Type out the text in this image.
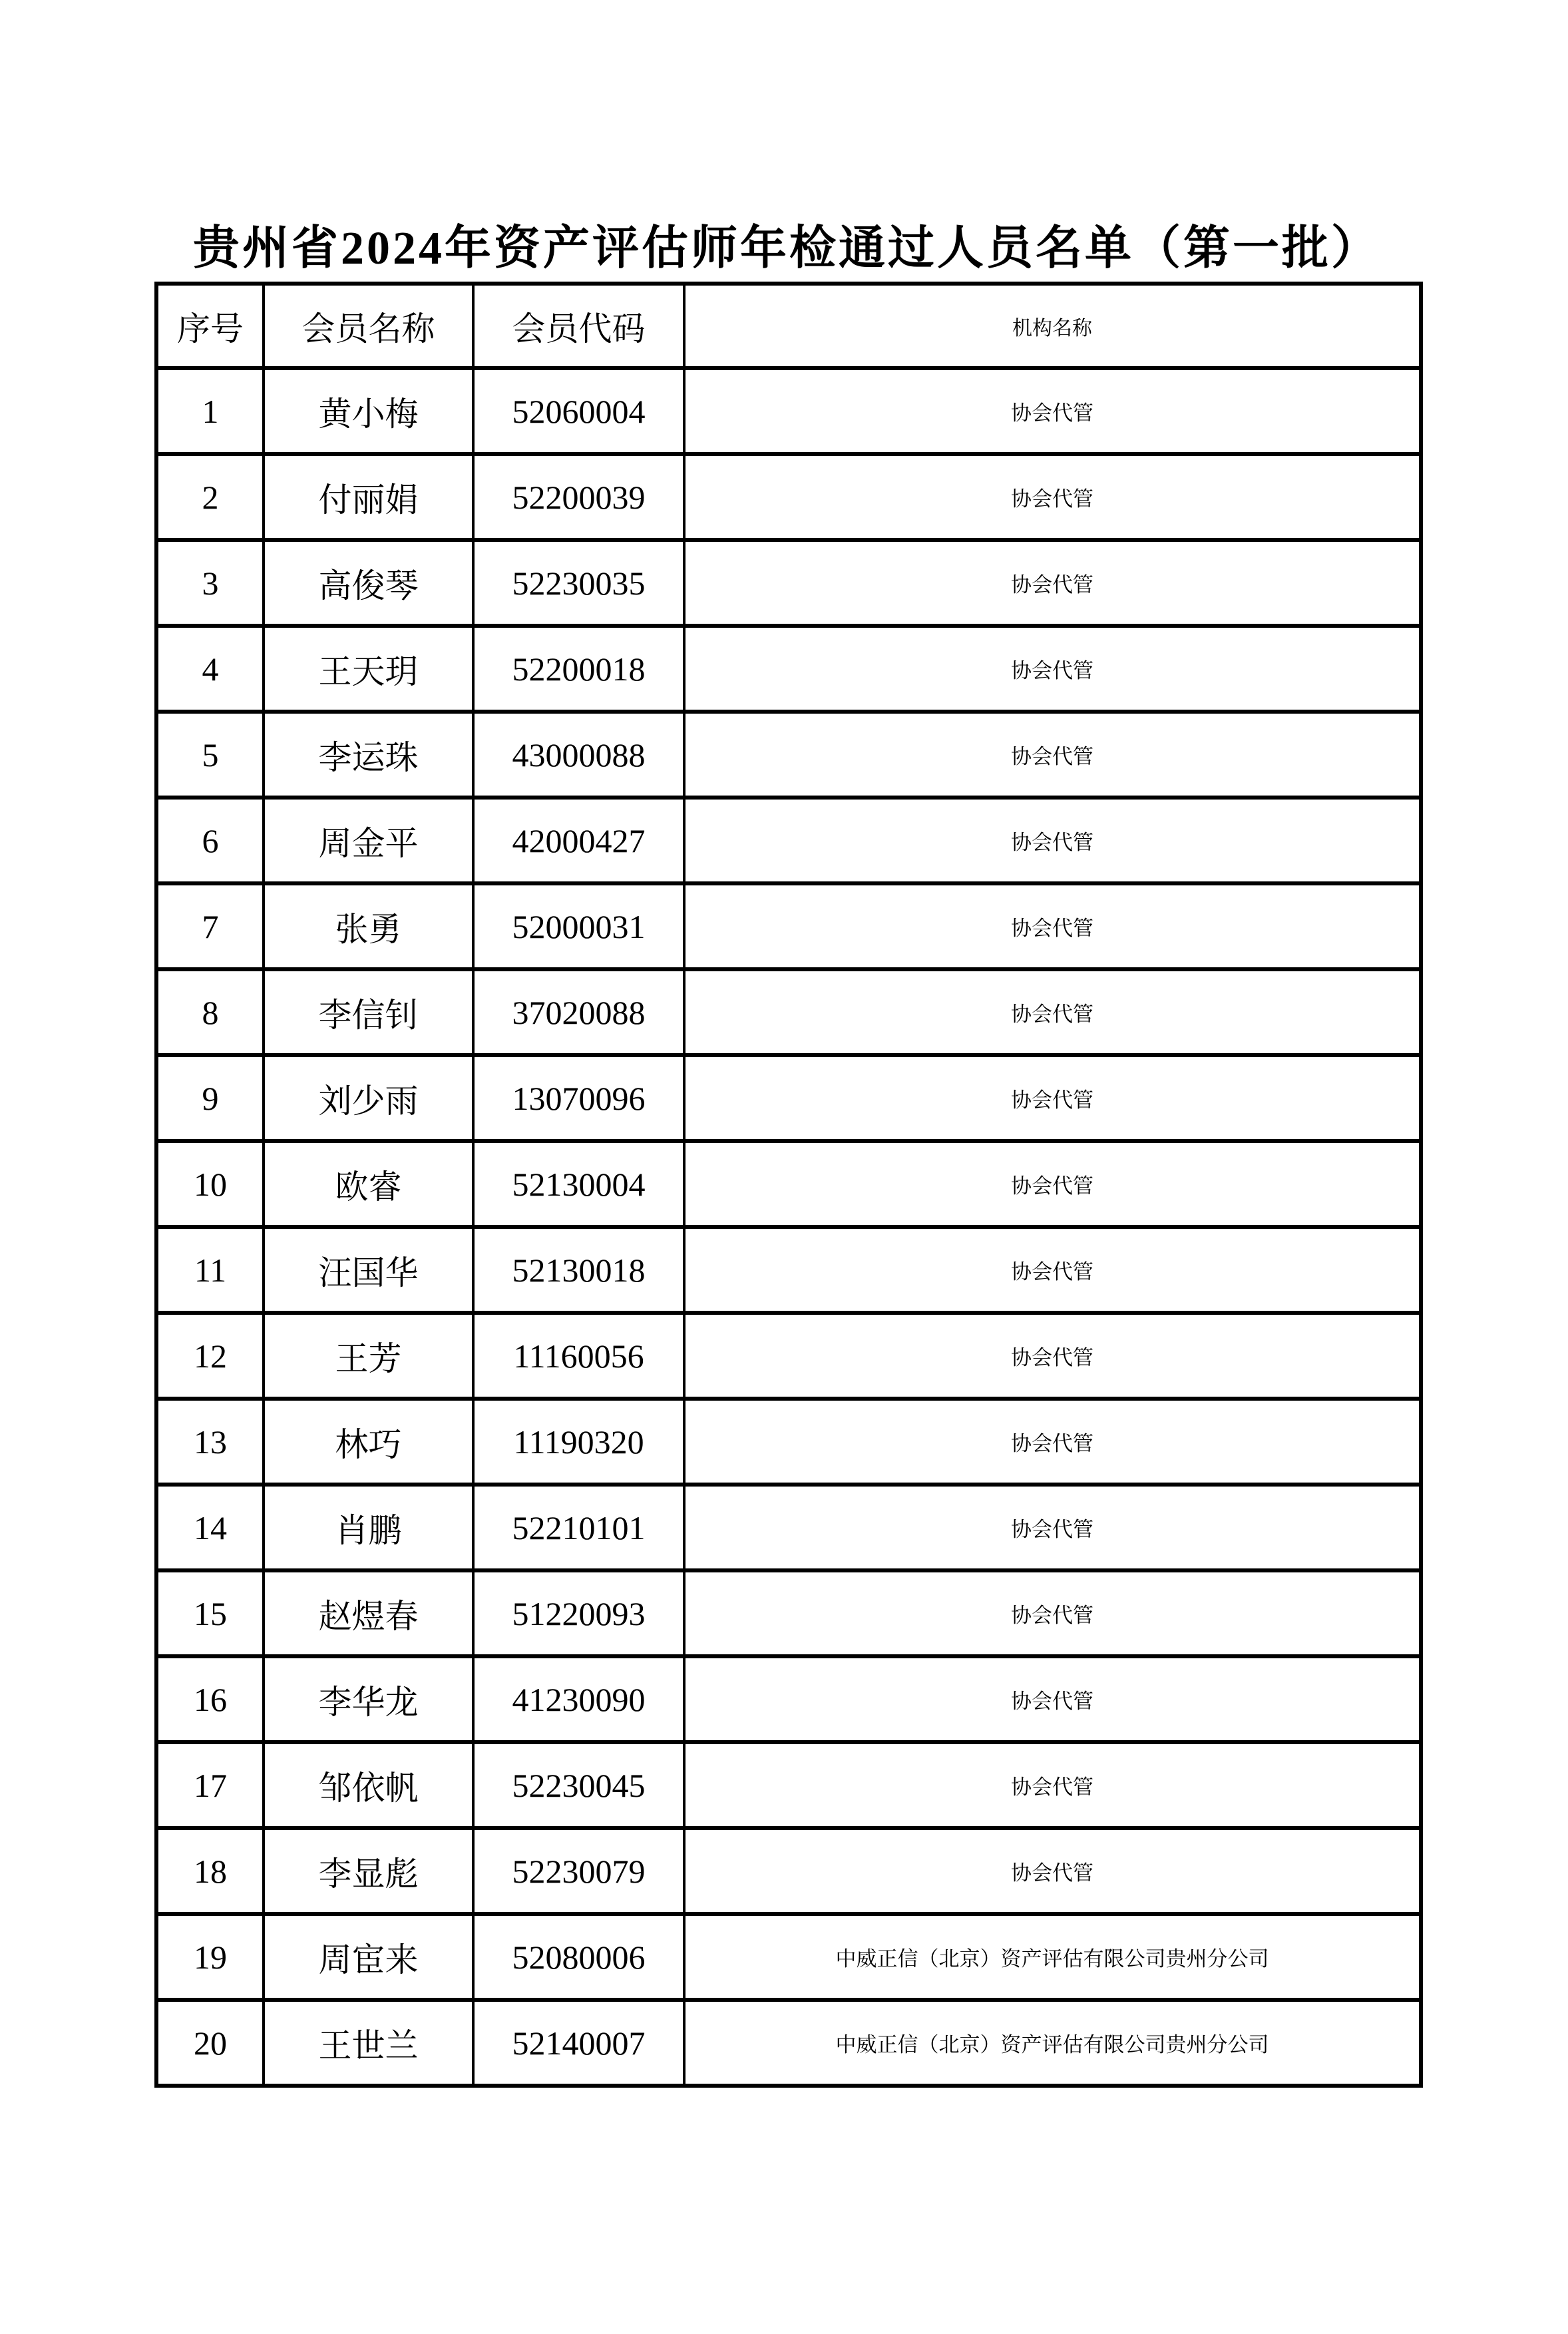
贵州省2024年资产评估师年检通过人员名单（第一批）
序号	会员名称	会员代码	机构名称
1	黄小梅	52060004	协会代管
2	付丽娟	52200039	协会代管
3	高俊琴	52230035	协会代管
4	王天玥	52200018	协会代管
5	李运珠	43000088	协会代管
6	周金平	42000427	协会代管
7	张勇	52000031	协会代管
8	李信钊	37020088	协会代管
9	刘少雨	13070096	协会代管
10	欧睿	52130004	协会代管
11	汪国华	52130018	协会代管
12	王芳	11160056	协会代管
13	林巧	11190320	协会代管
14	肖鹏	52210101	协会代管
15	赵煜春	51220093	协会代管
16	李华龙	41230090	协会代管
17	邹依帆	52230045	协会代管
18	李显彪	52230079	协会代管
19	周宦来	52080006	中威正信（北京）资产评估有限公司贵州分公司
20	王世兰	52140007	中威正信（北京）资产评估有限公司贵州分公司
